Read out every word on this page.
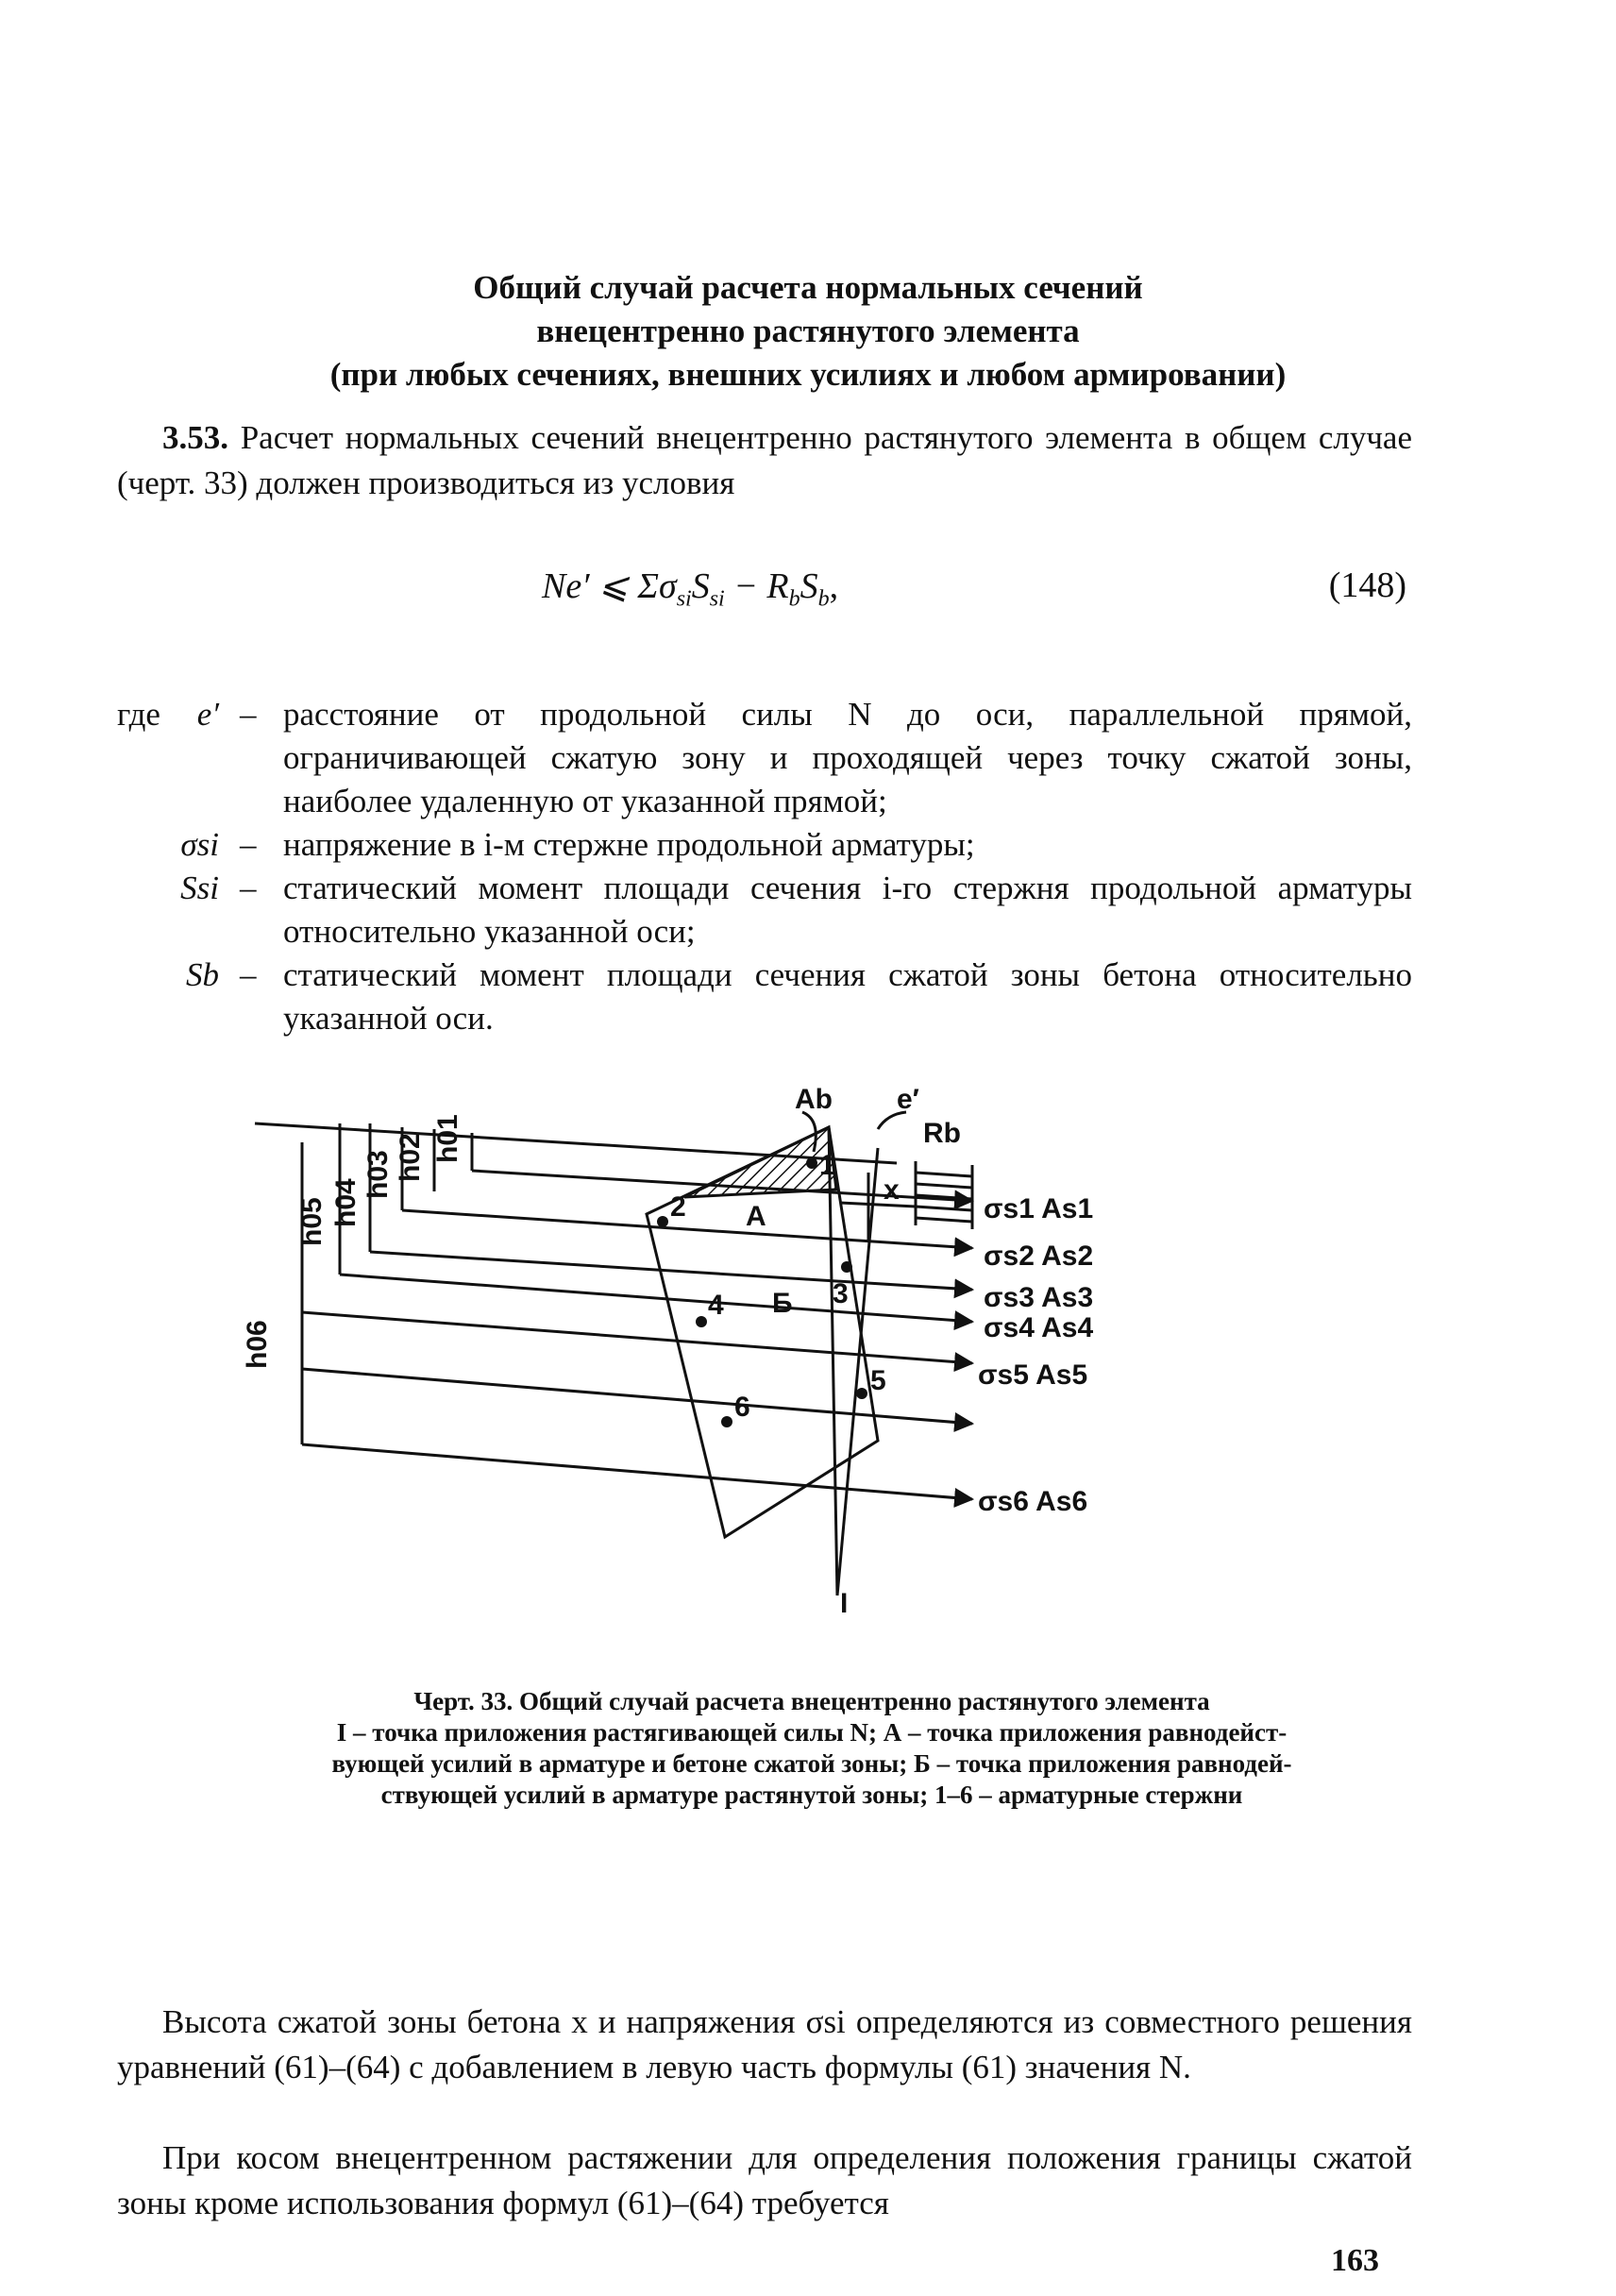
Общий случай расчета нормальных сечений
внецентренно растянутого элемента
(при любых сечениях, внешних усилиях и любом армировании)
3.53. Расчет нормальных сечений внецентренно растянутого элемента в общем случае (черт. 33) должен производиться из условия
Ne′ ⩽ $\Sigma\sigma_{si}S_{si} - R_bS_b$,	(148)
где	e′ – расстояние от продольной силы N до оси, параллельной прямой, ограничивающей сжатую зону и проходящей через точку сжатой зоны, наиболее удаленную от указанной прямой;
σsi – напряжение в i-м стержне продольной арматуры;
Ssi – статический момент площади сечения i-го стержня продольной арматуры относительно указанной оси;
Sb – статический момент площади сечения сжатой зоны бетона относительно указанной оси.
h06
h05 h04
h03 h02 h01
Ab e′
Rb
x
A
Б
I
1
2
3
4
5
6
σs1 As1
σs2 As2
σs3 As3
σs4 As4
σs5 As5
σs6 As6
Черт. 33. Общий случай расчета внецентренно растянутого элемента
I – точка приложения растягивающей силы N; А – точка приложения равнодейст-
вующей усилий в арматуре и бетоне сжатой зоны; Б – точка приложения равнодей-
ствующей усилий в арматуре растянутой зоны; 1–6 – арматурные стержни
Высота сжатой зоны бетона x и напряжения σsi определяются из совместного решения уравнений (61)–(64) с добавлением в левую часть формулы (61) значения N.
При косом внецентренном растяжении для определения положения границы сжатой зоны кроме использования формул (61)–(64) требуется
163
